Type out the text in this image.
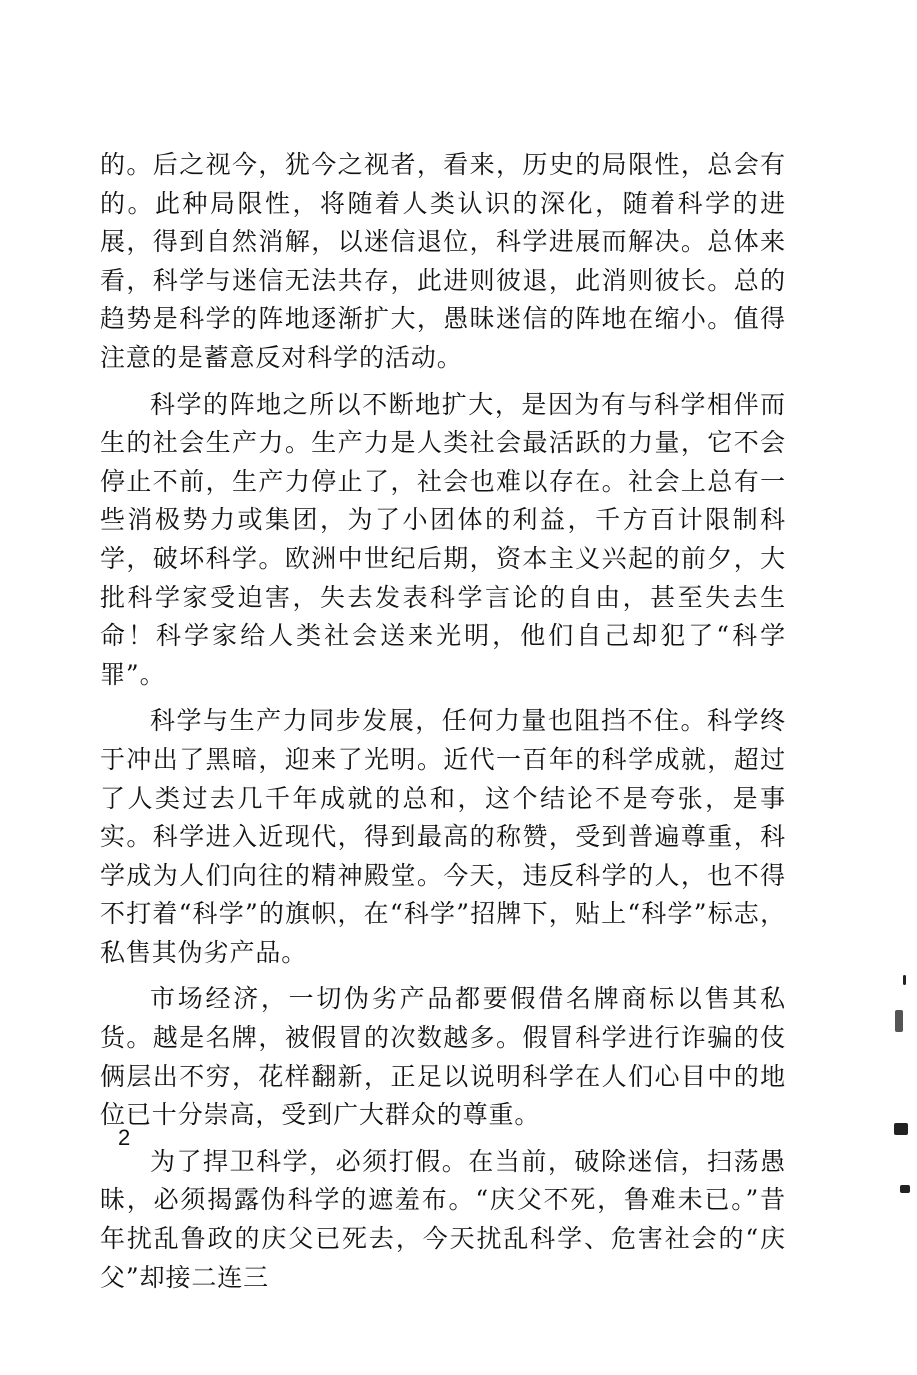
的。后之视今，犹今之视者，看来，历史的局限性，总会有的。此种局限性，将随着人类认识的深化，随着科学的进展，得到自然消解，以迷信退位，科学进展而解决。总体来看，科学与迷信无法共存，此进则彼退，此消则彼长。总的趋势是科学的阵地逐渐扩大，愚昧迷信的阵地在缩小。值得注意的是蓄意反对科学的活动。

科学的阵地之所以不断地扩大，是因为有与科学相伴而生的社会生产力。生产力是人类社会最活跃的力量，它不会停止不前，生产力停止了，社会也难以存在。社会上总有一些消极势力或集团，为了小团体的利益，千方百计限制科学，破坏科学。欧洲中世纪后期，资本主义兴起的前夕，大批科学家受迫害，失去发表科学言论的自由，甚至失去生命！科学家给人类社会送来光明，他们自己却犯了“科学罪”。

科学与生产力同步发展，任何力量也阻挡不住。科学终于冲出了黑暗，迎来了光明。近代一百年的科学成就，超过了人类过去几千年成就的总和，这个结论不是夸张，是事实。科学进入近现代，得到最高的称赞，受到普遍尊重，科学成为人们向往的精神殿堂。今天，违反科学的人，也不得不打着“科学”的旗帜，在“科学”招牌下，贴上“科学”标志，私售其伪劣产品。

市场经济，一切伪劣产品都要假借名牌商标以售其私货。越是名牌，被假冒的次数越多。假冒科学进行诈骗的伎俩层出不穷，花样翻新，正足以说明科学在人们心目中的地位已十分崇高，受到广大群众的尊重。

为了捍卫科学，必须打假。在当前，破除迷信，扫荡愚昧，必须揭露伪科学的遮羞布。“庆父不死，鲁难未已。”昔年扰乱鲁政的庆父已死去，今天扰乱科学、危害社会的“庆父”却接二连三

2
